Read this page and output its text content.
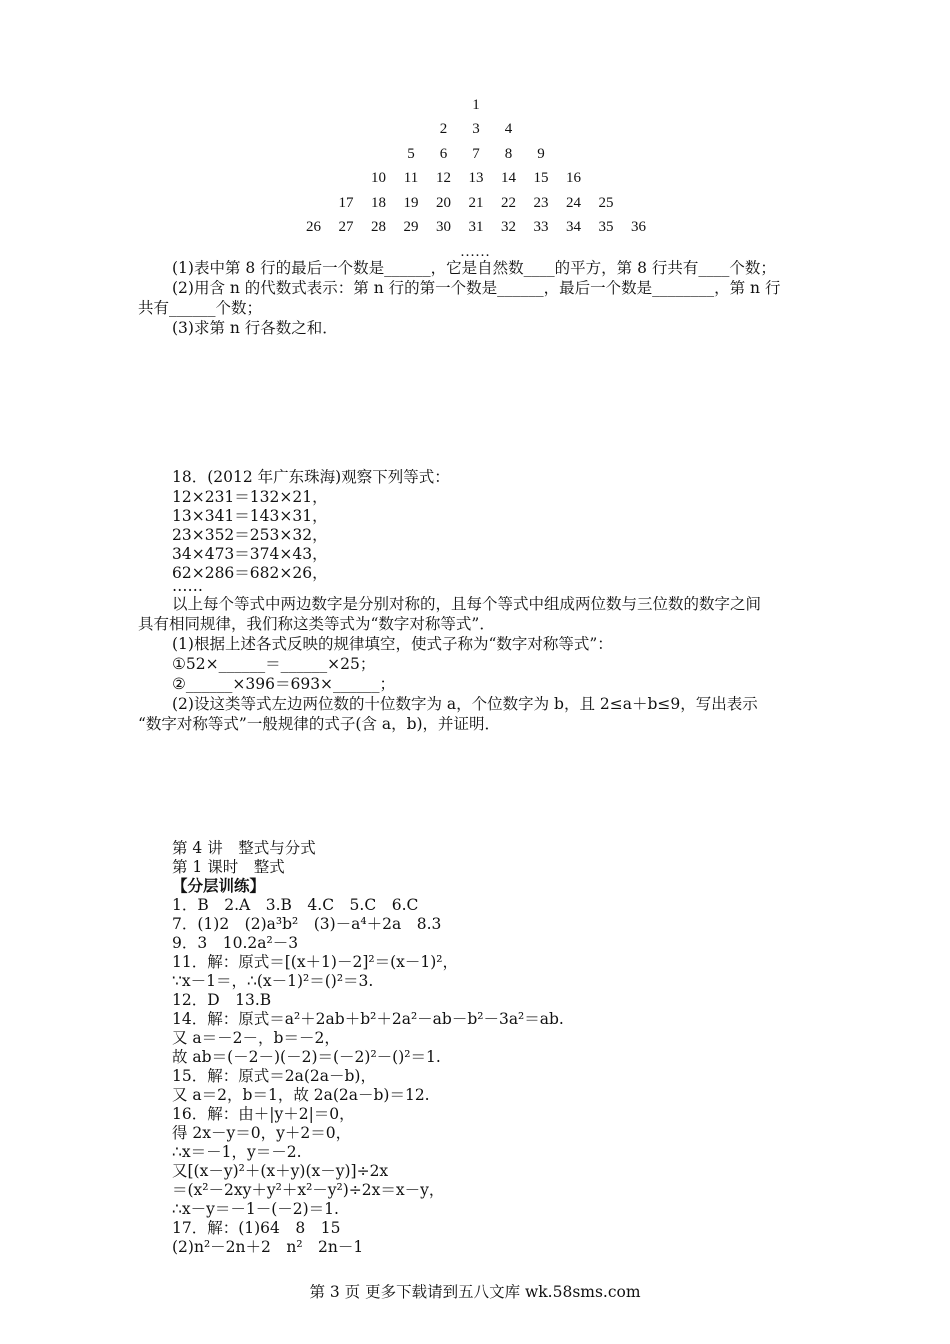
1
2	3	4
5	6	7	8	9
10	11	12	13	14	15	16
17	18	19	20	21	22	23	24	25
26	27	28	29	30	31	32	33	34	35	36
……
(1)表中第 8 行的最后一个数是______，它是自然数____的平方，第 8 行共有____个数；
(2)用含 n 的代数式表示：第 n 行的第一个数是______，最后一个数是________，第 n 行
共有______个数；
(3)求第 n 行各数之和．
18．(2012 年广东珠海)观察下列等式：
12×231＝132×21，
13×341＝143×31，
23×352＝253×32，
34×473＝374×43，
62×286＝682×26，
……
以上每个等式中两边数字是分别对称的，且每个等式中组成两位数与三位数的数字之间
具有相同规律，我们称这类等式为“数字对称等式”．
(1)根据上述各式反映的规律填空，使式子称为“数字对称等式”：
①52×______＝______×25；
②______×396＝693×______；
(2)设这类等式左边两位数的十位数字为 a，个位数字为 b，且 2≤a＋b≤9，写出表示
“数字对称等式”一般规律的式子(含 a，b)，并证明．
第 4 讲　整式与分式
第 1 课时　整式
【分层训练】
1．B　2.A　3.B　4.C　5.C　6.C
7．(1)2　(2)a³b²　(3)－a⁴＋2a　8.3
9．3　10.2a²－3
11．解：原式＝[(x＋1)－2]²＝(x－1)²，
∵x－1＝，∴(x－1)²＝()²＝3.
12．D　13.B
14．解：原式＝a²＋2ab＋b²＋2a²－ab－b²－3a²＝ab.
又 a＝－2－，b＝－2，
故 ab＝(－2－)(－2)＝(－2)²－()²＝1.
15．解：原式＝2a(2a－b)，
又 a＝2，b＝1，故 2a(2a－b)＝12.
16．解：由＋|y＋2|＝0，
得 2x－y＝0，y＋2＝0，
∴x＝－1，y＝－2.
又[(x－y)²＋(x＋y)(x－y)]÷2x
＝(x²－2xy＋y²＋x²－y²)÷2x＝x－y，
∴x－y＝－1－(－2)＝1.
17．解：(1)64　8　15
(2)n²－2n＋2　n²　2n－1
第 3 页 更多下载请到五八文库 wk.58sms.com
